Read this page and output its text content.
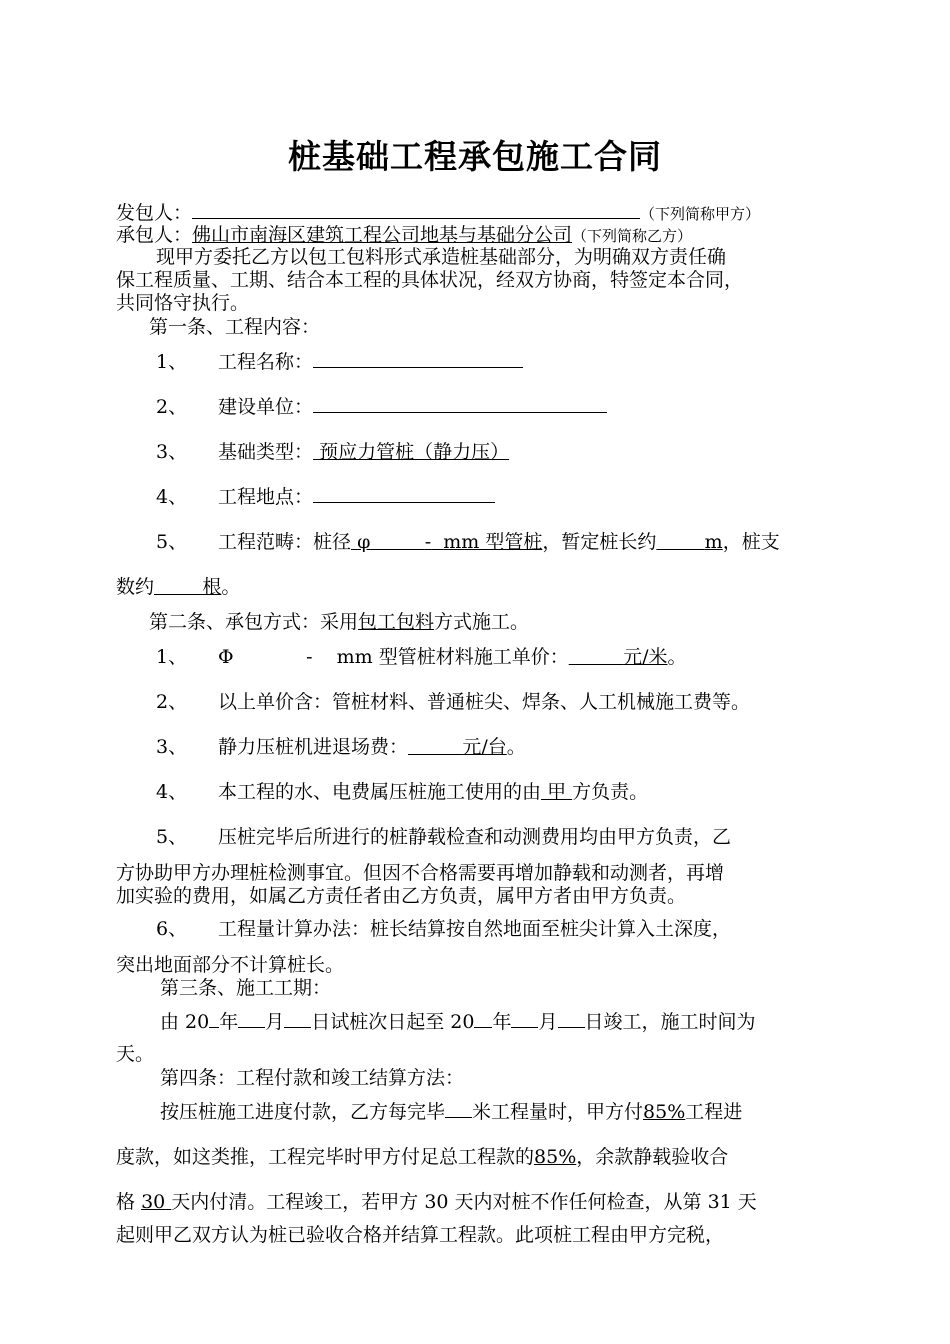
桩基础工程承包施工合同
发包人：	（下列简称甲方）
承包人：佛山市南海区建筑工程公司地基与基础分公司（下列简称乙方）
现甲方委托乙方以包工包料形式承造桩基础部分，为明确双方责任确
保工程质量、工期、结合本工程的具体状况，经双方协商，特签定本合同，
共同恪守执行。
第一条、工程内容：
1、 工程名称：
2、 建设单位：
3、 基础类型： 预应力管桩（静力压）
4、 工程地点：
5、 工程范畴：桩径 φ	- mm 型管桩，暂定桩长约	m，桩支
数约	根。
第二条、承包方式：采用包工包料方式施工。
1、 Φ	- mm 型管桩材料施工单价：	元/米。
2、 以上单价含：管桩材料、普通桩尖、焊条、人工机械施工费等。
3、 静力压桩机进退场费：	元/台。
4、 本工程的水、电费属压桩施工使用的由 甲 方负责。
5、 压桩完毕后所进行的桩静载检查和动测费用均由甲方负责，乙
方协助甲方办理桩检测事宜。但因不合格需要再增加静载和动测者，再增
加实验的费用，如属乙方责任者由乙方负责，属甲方者由甲方负责。
6、 工程量计算办法：桩长结算按自然地面至桩尖计算入土深度，
突出地面部分不计算桩长。
第三条、施工工期：
由 20 年 月 日试桩次日起至 20 年 月 日竣工，施工时间为
天。
第四条：工程付款和竣工结算方法：
按压桩施工进度付款，乙方每完毕 米工程量时，甲方付85%工程进
度款，如这类推，工程完毕时甲方付足总工程款的85%，余款静载验收合
格 30 天内付清。工程竣工，若甲方 30 天内对桩不作任何检查，从第 31 天
起则甲乙双方认为桩已验收合格并结算工程款。此项桩工程由甲方完税，
